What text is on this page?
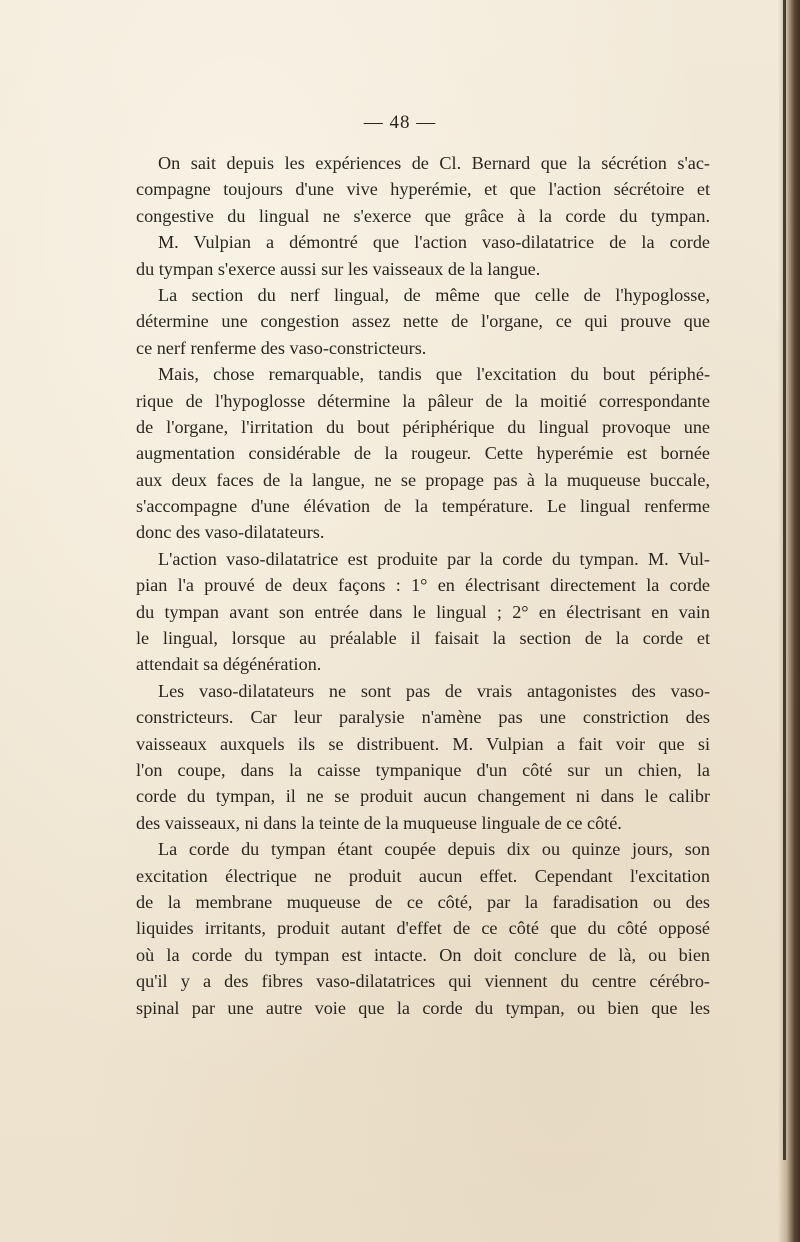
— 48 —
On sait depuis les expériences de Cl. Bernard que la sécrétion s'ac-
compagne toujours d'une vive hyperémie, et que l'action sécrétoire et
congestive du lingual ne s'exerce que grâce à la corde du tympan.
M. Vulpian a démontré que l'action vaso-dilatatrice de la corde
du tympan s'exerce aussi sur les vaisseaux de la langue.
La section du nerf lingual, de même que celle de l'hypoglosse,
détermine une congestion assez nette de l'organe, ce qui prouve que
ce nerf renferme des vaso-constricteurs.
Mais, chose remarquable, tandis que l'excitation du bout périphé-
rique de l'hypoglosse détermine la pâleur de la moitié correspondante
de l'organe, l'irritation du bout périphérique du lingual provoque une
augmentation considérable de la rougeur. Cette hyperémie est bornée
aux deux faces de la langue, ne se propage pas à la muqueuse buccale,
s'accompagne d'une élévation de la température. Le lingual renferme
donc des vaso-dilatateurs.
L'action vaso-dilatatrice est produite par la corde du tympan. M. Vul-
pian l'a prouvé de deux façons : 1° en électrisant directement la corde
du tympan avant son entrée dans le lingual ; 2° en électrisant en vain
le lingual, lorsque au préalable il faisait la section de la corde et
attendait sa dégénération.
Les vaso-dilatateurs ne sont pas de vrais antagonistes des vaso-
constricteurs. Car leur paralysie n'amène pas une constriction des
vaisseaux auxquels ils se distribuent. M. Vulpian a fait voir que si
l'on coupe, dans la caisse tympanique d'un côté sur un chien, la
corde du tympan, il ne se produit aucun changement ni dans le calibr
des vaisseaux, ni dans la teinte de la muqueuse linguale de ce côté.
La corde du tympan étant coupée depuis dix ou quinze jours, son
excitation électrique ne produit aucun effet. Cependant l'excitation
de la membrane muqueuse de ce côté, par la faradisation ou des
liquides irritants, produit autant d'effet de ce côté que du côté opposé
où la corde du tympan est intacte. On doit conclure de là, ou bien
qu'il y a des fibres vaso-dilatatrices qui viennent du centre cérébro-
spinal par une autre voie que la corde du tympan, ou bien que les
